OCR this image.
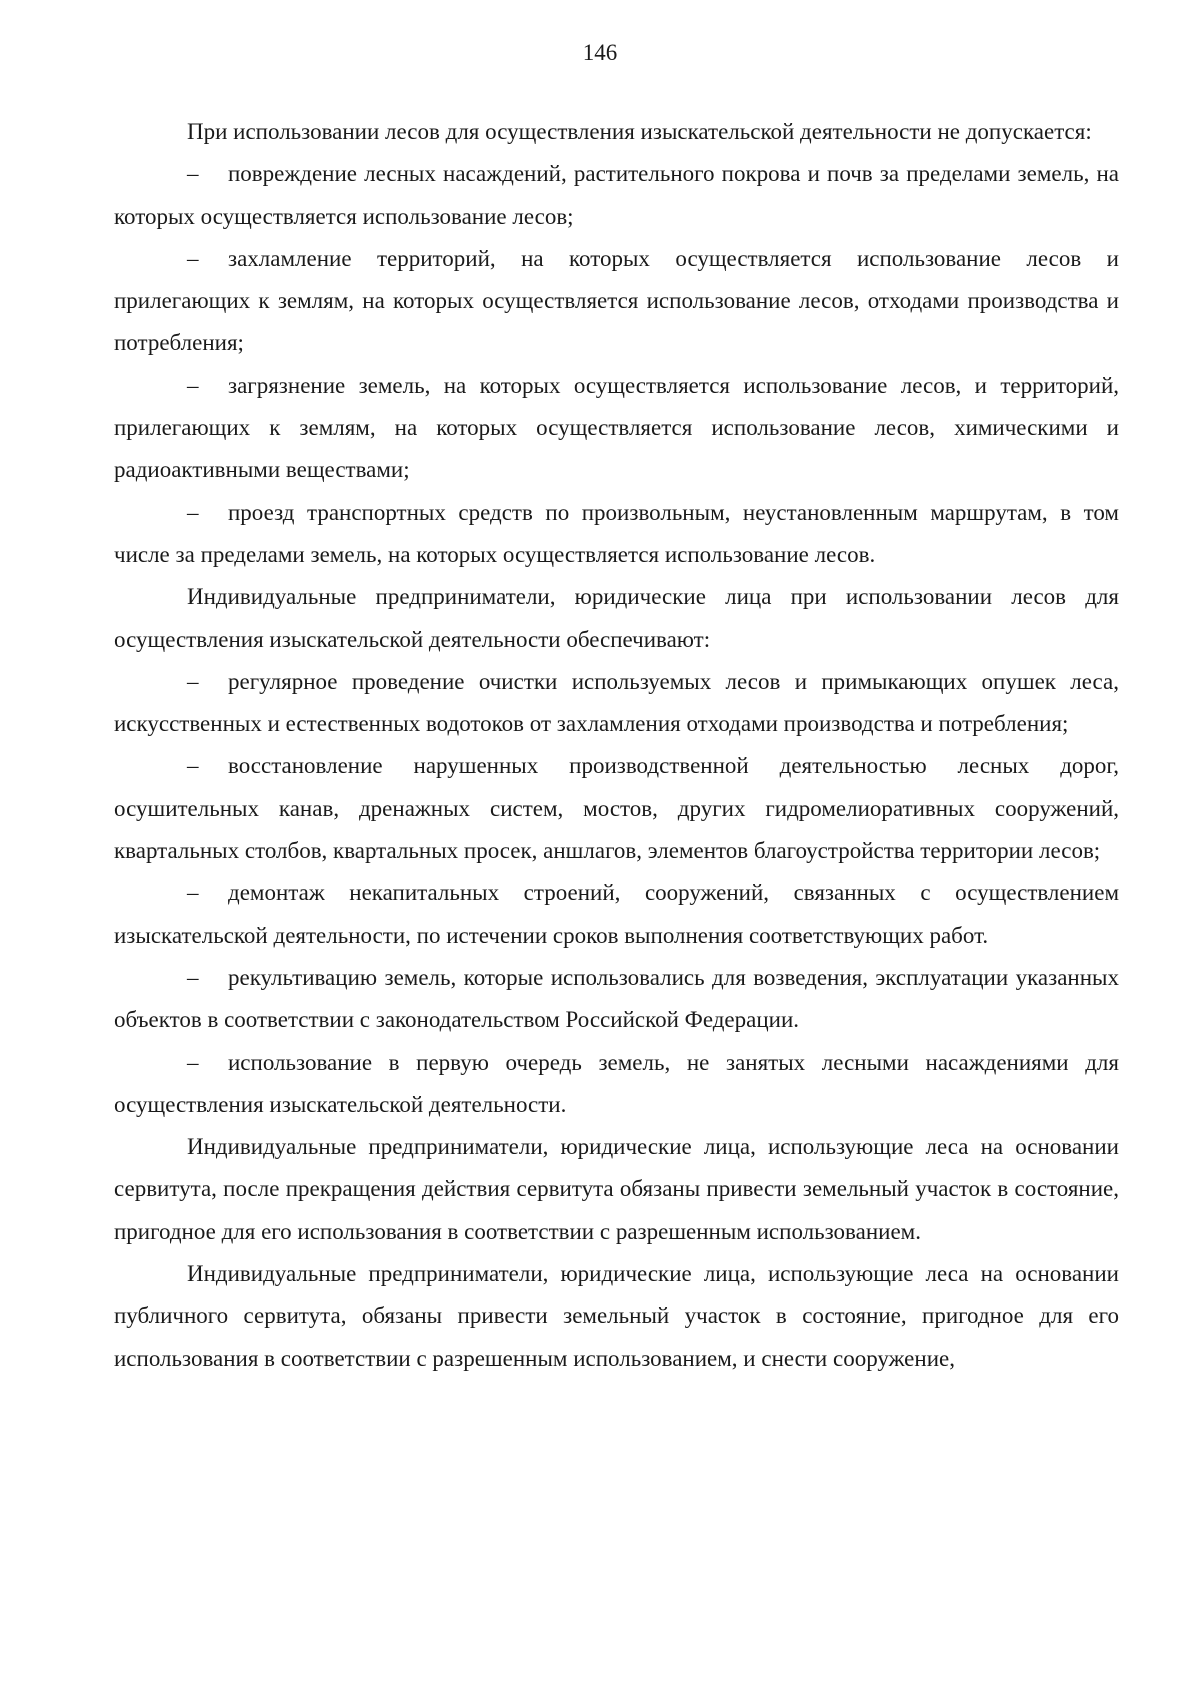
146

При использовании лесов для осуществления изыскательской деятельности не допускается:

– повреждение лесных насаждений, растительного покрова и почв за пределами земель, на которых осуществляется использование лесов;

– захламление территорий, на которых осуществляется использование лесов и прилегающих к землям, на которых осуществляется использование лесов, отходами производства и потребления;

– загрязнение земель, на которых осуществляется использование лесов, и территорий, прилегающих к землям, на которых осуществляется использование лесов, химическими и радиоактивными веществами;

– проезд транспортных средств по произвольным, неустановленным маршрутам, в том числе за пределами земель, на которых осуществляется использование лесов.

Индивидуальные предприниматели, юридические лица при использовании лесов для осуществления изыскательской деятельности обеспечивают:

– регулярное проведение очистки используемых лесов и примыкающих опушек леса, искусственных и естественных водотоков от захламления отходами производства и потребления;

– восстановление нарушенных производственной деятельностью лесных дорог, осушительных канав, дренажных систем, мостов, других гидромелиоративных сооружений, квартальных столбов, квартальных просек, аншлагов, элементов благоустройства территории лесов;

– демонтаж некапитальных строений, сооружений, связанных с осуществлением изыскательской деятельности, по истечении сроков выполнения соответствующих работ.

– рекультивацию земель, которые использовались для возведения, эксплуатации указанных объектов в соответствии с законодательством Российской Федерации.

– использование в первую очередь земель, не занятых лесными насаждениями для осуществления изыскательской деятельности.

Индивидуальные предприниматели, юридические лица, использующие леса на основании сервитута, после прекращения действия сервитута обязаны привести земельный участок в состояние, пригодное для его использования в соответствии с разрешенным использованием.

Индивидуальные предприниматели, юридические лица, использующие леса на основании публичного сервитута, обязаны привести земельный участок в состояние, пригодное для его использования в соответствии с разрешенным использованием, и снести сооружение,
